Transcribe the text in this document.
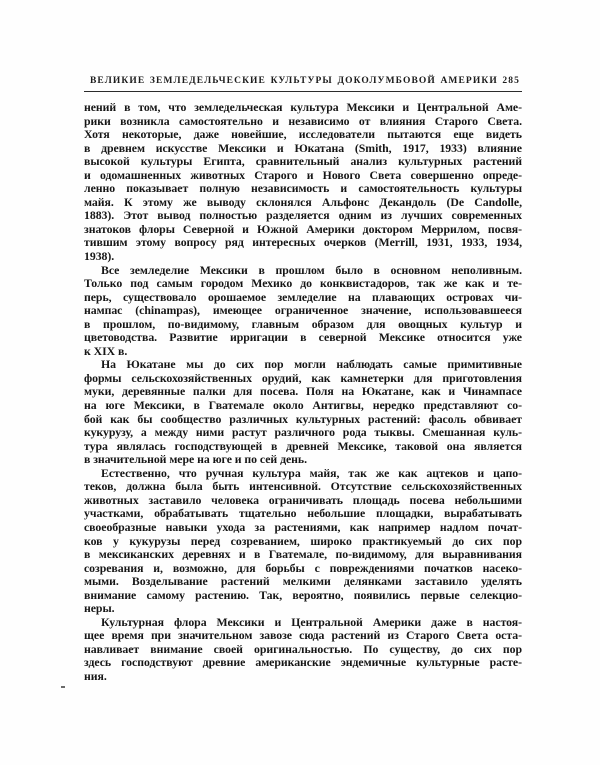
ВЕЛИКИЕ ЗЕМЛЕДЕЛЬЧЕСКИЕ КУЛЬТУРЫ ДОКОЛУМБОВОЙ АМЕРИКИ 285
нений в том, что земледельческая культура Мексики и Центральной Аме-
рики возникла самостоятельно и независимо от влияния Старого Света.
Хотя некоторые, даже новейшие, исследователи пытаются еще видеть
в древнем искусстве Мексики и Юкатана (Smith, 1917, 1933) влияние
высокой культуры Египта, сравнительный анализ культурных растений
и одомашненных животных Старого и Нового Света совершенно опреде-
ленно показывает полную независимость и самостоятельность культуры
майя. К этому же выводу склонялся Альфонс Декандоль (De Candolle,
1883). Этот вывод полностью разделяется одним из лучших современных
знатоков флоры Северной и Южной Америки доктором Меррилом, посвя-
тившим этому вопросу ряд интересных очерков (Merrill, 1931, 1933, 1934,
1938).
Все земледелие Мексики в прошлом было в основном неполивным.
Только под самым городом Мехико до конквистадоров, так же как и те-
перь, существовало орошаемое земледелие на плавающих островах чи-
нампас (chinampas), имеющее ограниченное значение, использовавшееся
в прошлом, по-видимому, главным образом для овощных культур и
цветоводства. Развитие ирригации в северной Мексике относится уже
к XIX в.
На Юкатане мы до сих пор могли наблюдать самые примитивные
формы сельскохозяйственных орудий, как камнетерки для приготовления
муки, деревянные палки для посева. Поля на Юкатане, как и Чинампасе
на юге Мексики, в Гватемале около Антигвы, нередко представляют со-
бой как бы сообщество различных культурных растений: фасоль обвивает
кукурузу, а между ними растут различного рода тыквы. Смешанная куль-
тура являлась господствующей в древней Мексике, таковой она является
в значительной мере на юге и по сей день.
Естественно, что ручная культура майя, так же как ацтеков и цапо-
теков, должна была быть интенсивной. Отсутствие сельскохозяйственных
животных заставило человека ограничивать площадь посева небольшими
участками, обрабатывать тщательно небольшие площадки, вырабатывать
своеобразные навыки ухода за растениями, как например надлом почат-
ков у кукурузы перед созреванием, широко практикуемый до сих пор
в мексиканских деревнях и в Гватемале, по-видимому, для выравнивания
созревания и, возможно, для борьбы с повреждениями початков насеко-
мыми. Возделывание растений мелкими делянками заставило уделять
внимание самому растению. Так, вероятно, появились первые селекцио-
неры.
Культурная флора Мексики и Центральной Америки даже в настоя-
щее время при значительном завозе сюда растений из Старого Света оста-
навливает внимание своей оригинальностью. По существу, до сих пор
здесь господствуют древние американские эндемичные культурные расте-
ния.
